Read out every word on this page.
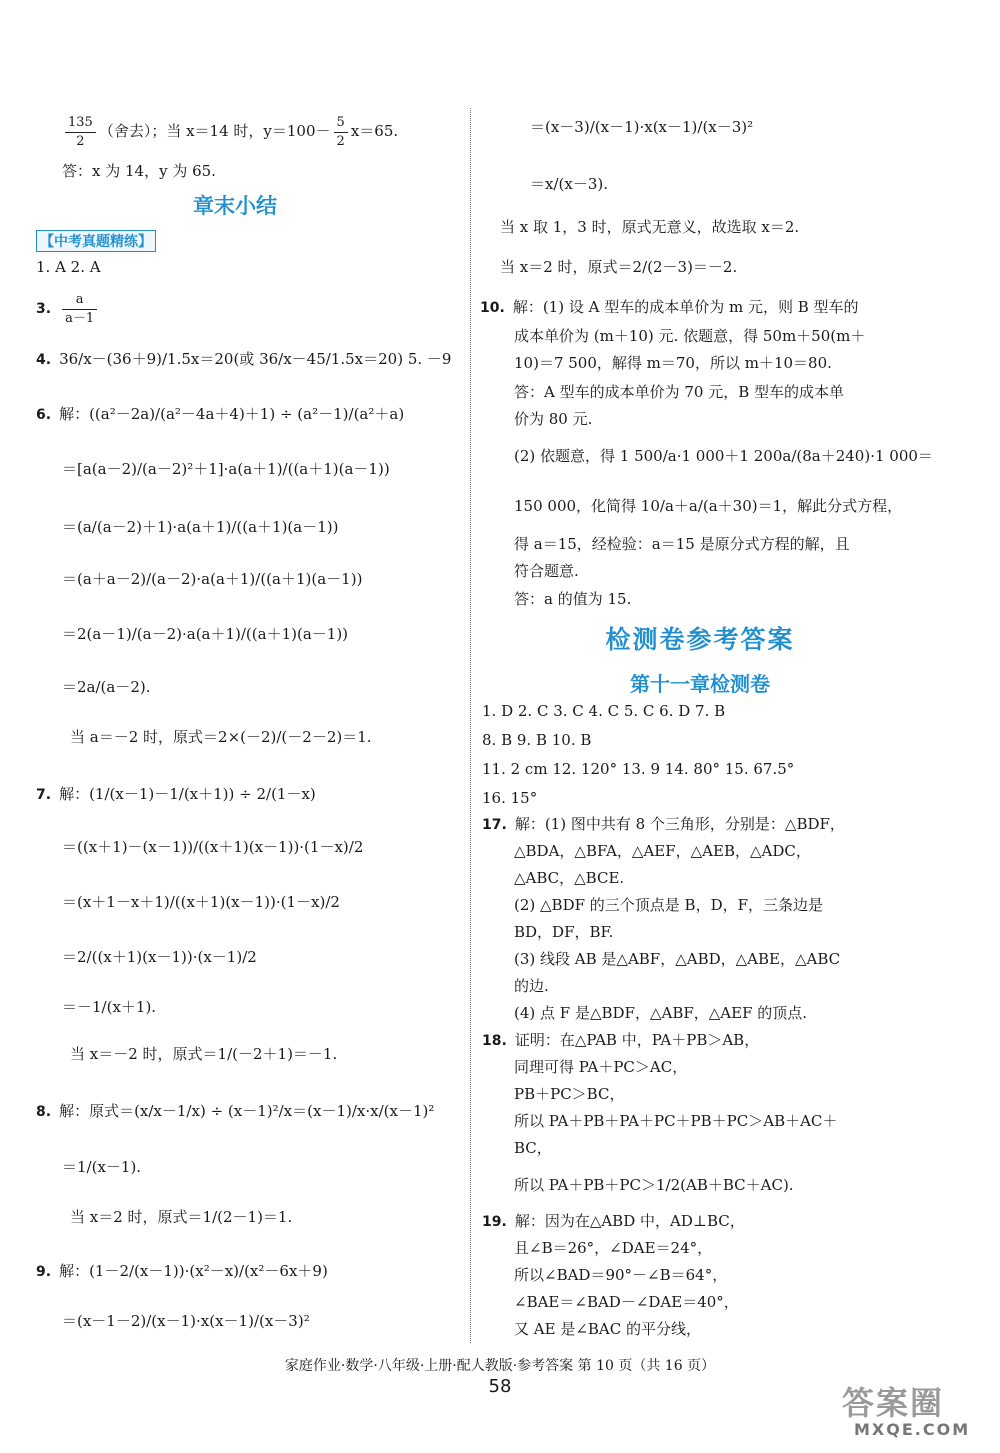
$\frac{135}{2}$ （舍去）；当 x＝14 时，$y=100- \frac{5}{2} x=65$.
答：x 为 14，y 为 65.
章末小结
【中考真题精练】
1. A 2. A
3. $\frac{a}{a-1}$
4. 36/x－(36＋9)/1.5x＝20(或 36/x－45/1.5x＝20) 5. －9
6. 解：((a²－2a)/(a²－4a＋4)＋1) ÷ (a²－1)/(a²＋a)
＝[a(a－2)/(a－2)²＋1]·a(a＋1)/((a＋1)(a－1))
＝(a/(a－2)＋1)·a(a＋1)/((a＋1)(a－1))
＝(a＋a－2)/(a－2)·a(a＋1)/((a＋1)(a－1))
＝2(a－1)/(a－2)·a(a＋1)/((a＋1)(a－1))
＝2a/(a－2).
当 a＝－2 时，原式＝2×(－2)/(－2－2)＝1.
7. 解：(1/(x－1)－1/(x＋1)) ÷ 2/(1－x)
＝((x＋1)－(x－1))/((x＋1)(x－1))·(1－x)/2
＝(x＋1－x＋1)/((x＋1)(x－1))·(1－x)/2
＝2/((x＋1)(x－1))·(x－1)/2
＝－1/(x＋1).
当 x＝－2 时，原式＝1/(－2＋1)＝－1.
8. 解：原式＝(x/x－1/x) ÷ (x－1)²/x＝(x－1)/x·x/(x－1)²
＝1/(x－1).
当 x＝2 时，原式＝1/(2－1)＝1.
9. 解：(1－2/(x－1))·(x²－x)/(x²－6x＋9)
＝(x－1－2)/(x－1)·x(x－1)/(x－3)²
＝(x－3)/(x－1)·x(x－1)/(x－3)²
＝x/(x－3).
当 x 取 1，3 时，原式无意义，故选取 x＝2.
当 x＝2 时，原式＝2/(2－3)＝－2.
10. 解：(1) 设 A 型车的成本单价为 m 元，则 B 型车的
成本单价为 (m＋10) 元. 依题意，得 50m＋50(m＋
10)＝7 500，解得 m＝70，所以 m＋10＝80.
答：A 型车的成本单价为 70 元，B 型车的成本单
价为 80 元.
(2) 依题意，得 1 500/a·1 000＋1 200a/(8a＋240)·1 000＝
150 000，化简得 10/a＋a/(a＋30)＝1，解此分式方程，
得 a＝15，经检验：a＝15 是原分式方程的解，且
符合题意.
答：a 的值为 15.
检测卷参考答案
第十一章检测卷
1. D 2. C 3. C 4. C 5. C 6. D 7. B
8. B 9. B 10. B
11. 2 cm 12. 120° 13. 9 14. 80° 15. 67.5°
16. 15°
17. 解：(1) 图中共有 8 个三角形，分别是：△BDF，
△BDA，△BFA，△AEF，△AEB，△ADC，
△ABC，△BCE.
(2) △BDF 的三个顶点是 B，D，F，三条边是
BD，DF，BF.
(3) 线段 AB 是△ABF，△ABD，△ABE，△ABC
的边.
(4) 点 F 是△BDF，△ABF，△AEF 的顶点.
18. 证明：在△PAB 中，PA＋PB＞AB，
同理可得 PA＋PC＞AC，
PB＋PC＞BC，
所以 PA＋PB＋PA＋PC＋PB＋PC＞AB＋AC＋
BC，
所以 PA＋PB＋PC＞1/2(AB＋BC＋AC).
19. 解：因为在△ABD 中，AD⊥BC，
且∠B＝26°，∠DAE＝24°，
所以∠BAD＝90°－∠B＝64°，
∠BAE＝∠BAD－∠DAE＝40°，
又 AE 是∠BAC 的平分线，
家庭作业·数学·八年级·上册·配人教版·参考答案 第 10 页（共 16 页）
58	答案圈
MXQE.COM
